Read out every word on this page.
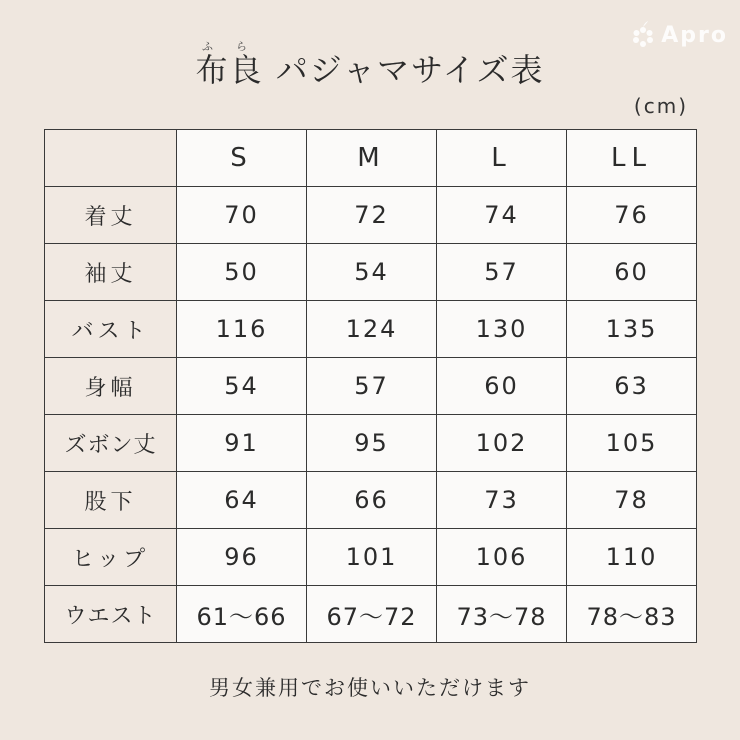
Apro
布良ふら パジャマサイズ表
(cm)
	S	M	L	LL
着丈	70	72	74	76
袖丈	50	54	57	60
バスト	116	124	130	135
身幅	54	57	60	63
ズボン丈	91	95	102	105
股下	64	66	73	78
ヒップ	96	101	106	110
ウエスト	61～66	67～72	73～78	78～83
男女兼用でお使いいただけます
